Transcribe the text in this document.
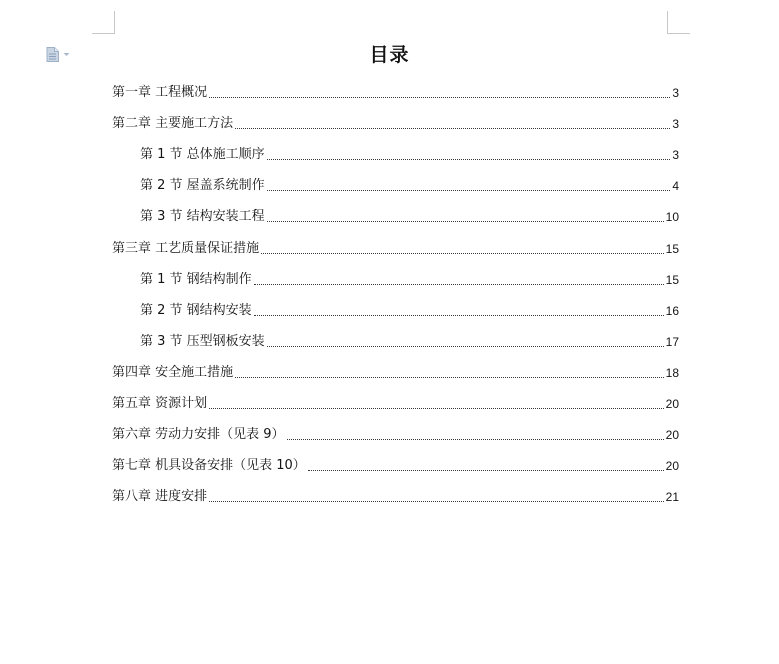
目录
第一章 工程概况	3
第二章 主要施工方法	3
第 1 节 总体施工顺序	3
第 2 节 屋盖系统制作	4
第 3 节 结构安装工程	10
第三章 工艺质量保证措施	15
第 1 节 钢结构制作	15
第 2 节 钢结构安装	16
第 3 节 压型钢板安装	17
第四章 安全施工措施	18
第五章 资源计划	20
第六章 劳动力安排（见表 9）	20
第七章 机具设备安排（见表 10）	20
第八章 进度安排	21
